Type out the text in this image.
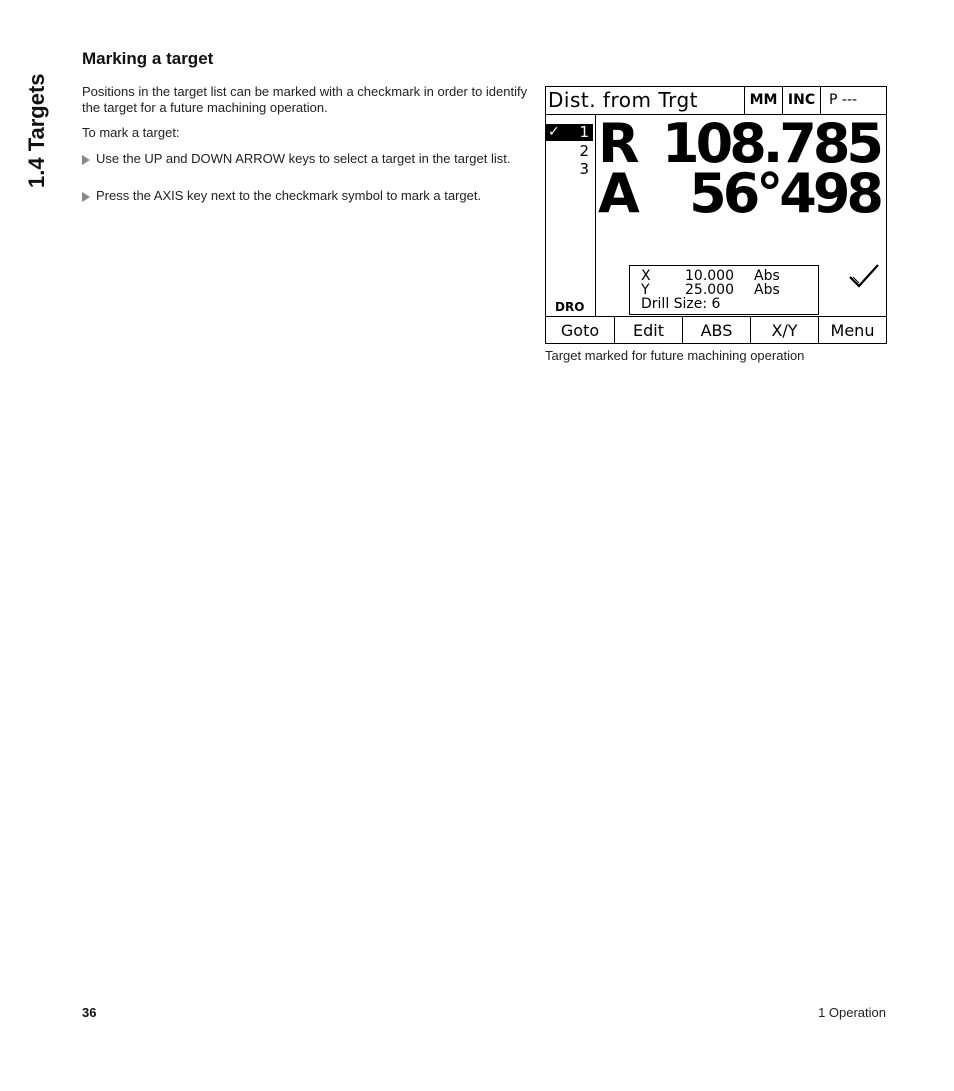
1.4 Targets
Marking a target
Positions in the target list can be marked with a checkmark in order to identify the target for a future machining operation.
To mark a target:
Use the UP and DOWN ARROW keys to select a target in the target list.
Press the AXIS key next to the checkmark symbol to mark a target.
Dist. from Trgt	MM INC P ---
✓ 1
2
3
DRO
R 108.785
A 56°498
X 10.000 Abs
Y	25.000 Abs
Drill Size: 6
Goto	Edit	ABS	X/Y	Menu
Target marked for future machining operation
36	1 Operation
